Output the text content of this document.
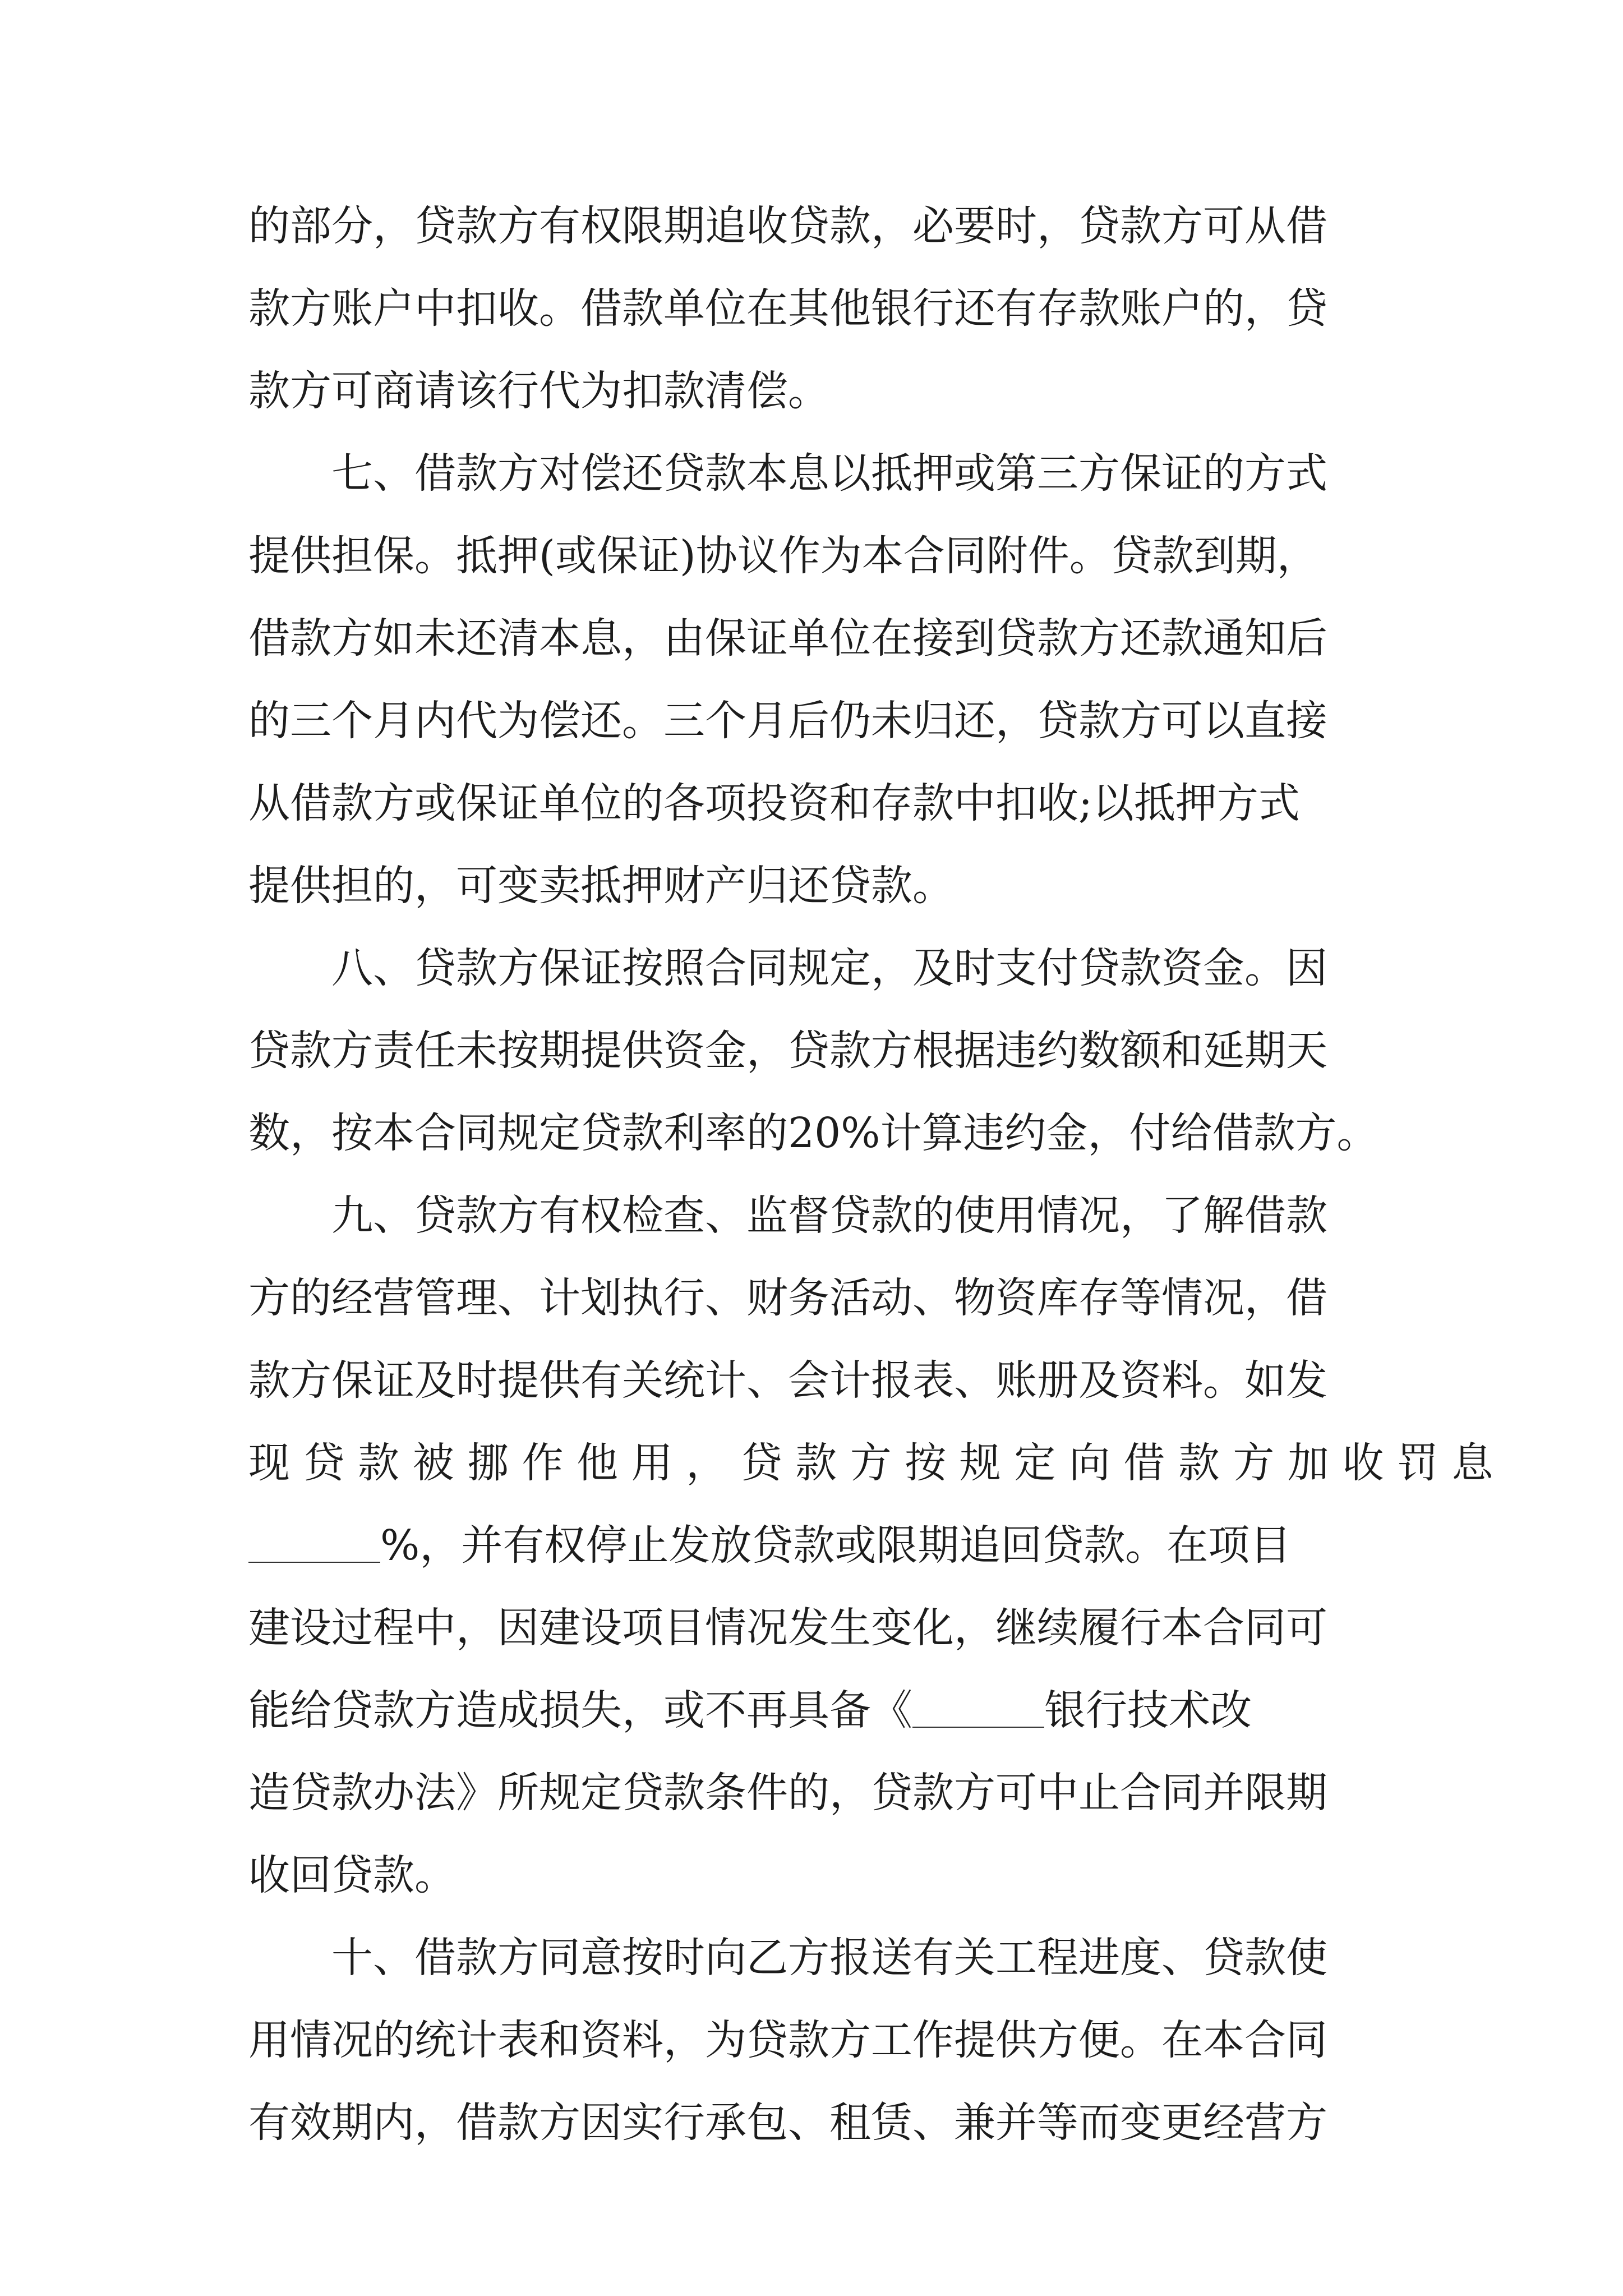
的部分，贷款方有权限期追收贷款，必要时，贷款方可从借
款方账户中扣收。借款单位在其他银行还有存款账户的，贷
款方可商请该行代为扣款清偿。
七、借款方对偿还贷款本息以抵押或第三方保证的方式
提供担保。抵押(或保证)协议作为本合同附件。贷款到期，
借款方如未还清本息，由保证单位在接到贷款方还款通知后
的三个月内代为偿还。三个月后仍未归还，贷款方可以直接
从借款方或保证单位的各项投资和存款中扣收;以抵押方式
提供担的，可变卖抵押财产归还贷款。
八、贷款方保证按照合同规定，及时支付贷款资金。因
贷款方责任未按期提供资金，贷款方根据违约数额和延期天
数，按本合同规定贷款利率的20%计算违约金，付给借款方。
九、贷款方有权检查、监督贷款的使用情况，了解借款
方的经营管理、计划执行、财务活动、物资库存等情况，借
款方保证及时提供有关统计、会计报表、账册及资料。如发
现 贷 款 被 挪 作 他 用 ， 贷 款 方 按 规 定 向 借 款 方 加 收 罚 息
%，并有权停止发放贷款或限期追回贷款。在项目
建设过程中，因建设项目情况发生变化，继续履行本合同可
能给贷款方造成损失，或不再具备《	银行技术改
造贷款办法》所规定贷款条件的，贷款方可中止合同并限期
收回贷款。
十、借款方同意按时向乙方报送有关工程进度、贷款使
用情况的统计表和资料，为贷款方工作提供方便。在本合同
有效期内，借款方因实行承包、租赁、兼并等而变更经营方
